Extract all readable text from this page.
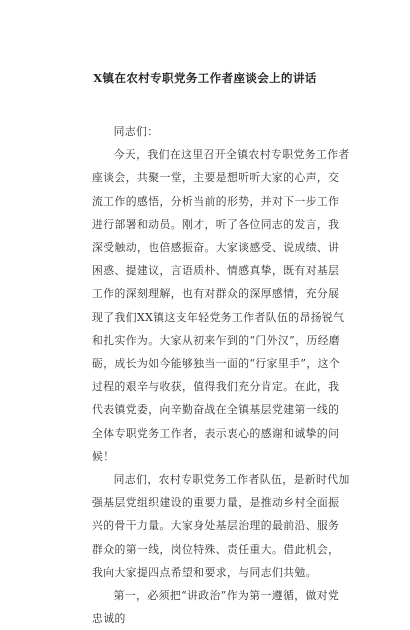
X镇在农村专职党务工作者座谈会上的讲话

同志们：

今天，我们在这里召开全镇农村专职党务工作者座谈会，共聚一堂，主要是想听听大家的心声，交流工作的感悟，分析当前的形势，并对下一步工作进行部署和动员。刚才，听了各位同志的发言，我深受触动，也倍感振奋。大家谈感受、说成绩、讲困惑、提建议，言语质朴、情感真挚，既有对基层工作的深刻理解，也有对群众的深厚感情，充分展现了我们XX镇这支年轻党务工作者队伍的昂扬锐气和扎实作为。大家从初来乍到的“门外汉”，历经磨砺，成长为如今能够独当一面的“行家里手”，这个过程的艰辛与收获，值得我们充分肯定。在此，我代表镇党委，向辛勤奋战在全镇基层党建第一线的全体专职党务工作者，表示衷心的感谢和诚挚的问候！

同志们，农村专职党务工作者队伍，是新时代加强基层党组织建设的重要力量，是推动乡村全面振兴的骨干力量。大家身处基层治理的最前沿、服务群众的第一线，岗位特殊、责任重大。借此机会，我向大家提四点希望和要求，与同志们共勉。

第一，必须把“讲政治”作为第一遵循，做对党忠诚的
